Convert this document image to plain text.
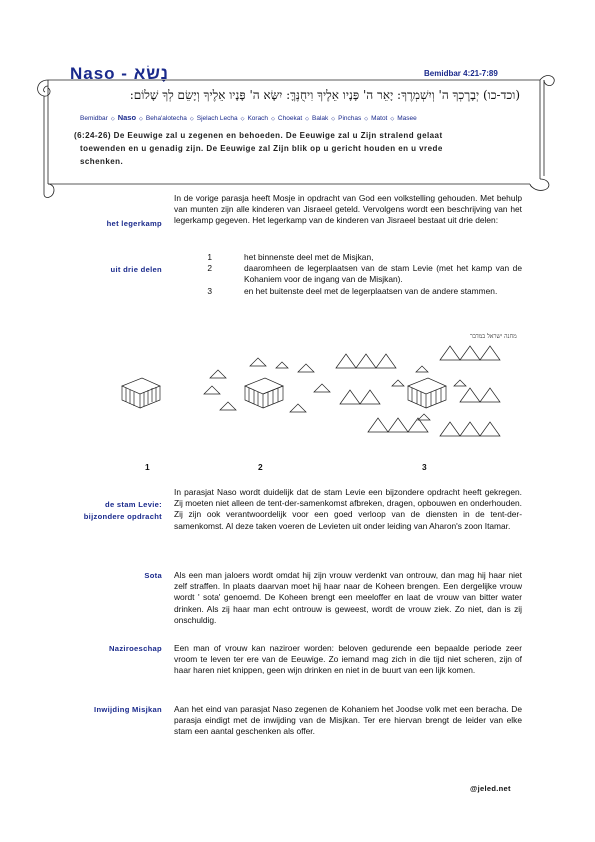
Naso - נָשׂא	Bemidbar 4:21-7:89
(וכד-כו) יְבָרֶכְךָ ה' וְיִשְׁמְרֶךָ: יָאֵר ה' פָּנָיו אֵלֶיךָ וִיחֻנֶּךָּ: יִשָּׂא ה' פָּנָיו אֵלֶיךָ וְיָשֵׂם לְךָ שָׁלוֹם:
Bemidbar ◇ Naso ◇ Beha'alotecha ◇ Sjelach Lecha ◇ Korach ◇ Choekat ◇ Balak ◇ Pinchas ◇ Matot ◇ Masee
(6:24-26) De Eeuwige zal u zegenen en behoeden. De Eeuwige zal u Zijn stralend gelaat
toewenden en u genadig zijn. De Eeuwige zal Zijn blik op u gericht houden en u vrede
schenken.
In de vorige parasja heeft Mosje in opdracht van God een volkstelling gehouden. Met behulp van munten zijn alle kinderen van Jisraeel geteld. Vervolgens wordt een beschrijving van het legerkamp gegeven. Het legerkamp van de kinderen van Jisraeel bestaat uit drie delen:
het legerkamp
uit drie delen
1	het binnenste deel met de Misjkan,
2	daaromheen de legerplaatsen van de stam Levie (met het kamp van de Kohaniem voor de ingang van de Misjkan).
3	en het buitenste deel met de legerplaatsen van de andere stammen.
מחנה ישראל במדבר
1	2	3
In parasjat Naso wordt duidelijk dat de stam Levie een bijzondere opdracht heeft gekregen. Zij moeten niet alleen de tent-der-samenkomst afbreken, dragen, opbouwen en onderhouden. Zij zijn ook verantwoordelijk voor een goed verloop van de diensten in de tent-der-samenkomst. Al deze taken voeren de Levieten uit onder leiding van Aharon's zoon Itamar.
de stam Levie:
bijzondere opdracht
Als een man jaloers wordt omdat hij zijn vrouw verdenkt van ontrouw, dan mag hij haar niet zelf straffen. In plaats daarvan moet hij haar naar de Koheen brengen. Een dergelijke vrouw wordt ' sota' genoemd. De Koheen brengt een meeloffer en laat de vrouw van bitter water drinken. Als zij haar man echt ontrouw is geweest, wordt de vrouw ziek. Zo niet, dan is zij onschuldig.
Sota
Een man of vrouw kan naziroer worden: beloven gedurende een bepaalde periode zeer vroom te leven ter ere van de Eeuwige. Zo iemand mag zich in die tijd niet scheren, zijn of haar haren niet knippen, geen wijn drinken en niet in de buurt van een lijk komen.
Naziroeschap
Aan het eind van parasjat Naso zegenen de Kohaniem het Joodse volk met een beracha. De parasja eindigt met de inwijding van de Misjkan. Ter ere hiervan brengt de leider van elke stam een aantal geschenken als offer.
Inwijding Misjkan
@jeled.net
